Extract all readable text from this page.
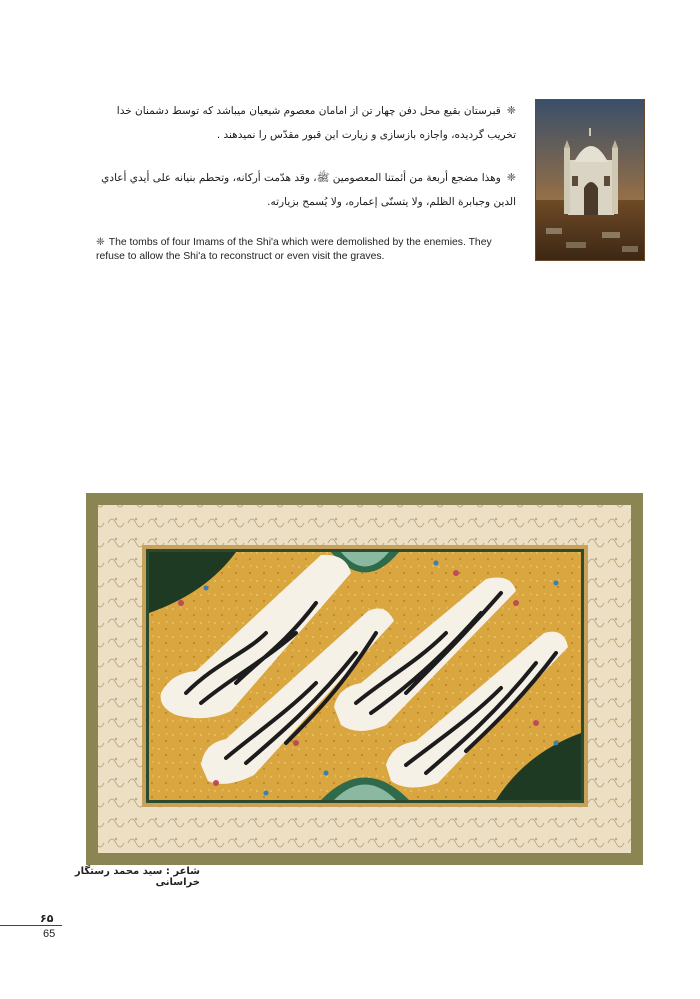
❈قبرستان بقیع محل دفن چهار تن از امامان معصوم شیعیان میباشد که توسط دشمنان خدا تخریب گردیده، واجازه بازسازی و زیارت این قبور مقدّس را نمیدهند .
❈وهذا مضجع أربعة من أئمتنا المعصومين ﷺ، وقد هدّمت أركانه، وتحطم بنيانه على أيدي أعادي الدين وجبابرة الظلم، ولا يتسنّى إعماره، ولا يُسمح بزيارته.
❈ The tombs of four Imams of the Shi'a which were demolished by the enemies. They refuse to allow the Shi'a to reconstruct or even visit the graves.
شاعر : سید محمد رستگار خراسانی
۶۵
65
